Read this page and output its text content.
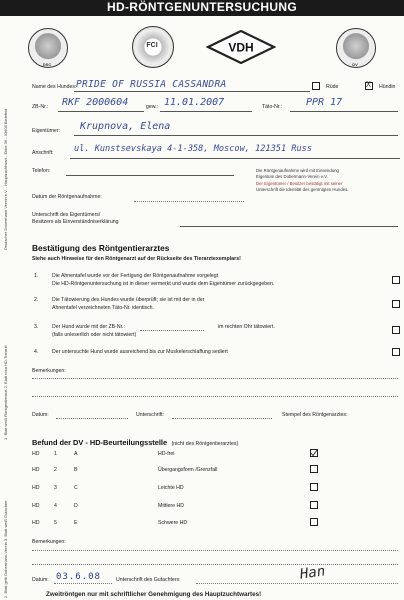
HD-RÖNTGENUNTERSUCHUNG
DSC
FCI	VDH
DV
Deutscher Dobermann Verein e.V. - Hauptzuchtwart - Ebke 36 - 33605 Bielefeld
1. Blatt weiß Röntgentierarzt 2. Blatt rosa HD-Tierarzt
2. Blatt gelb Dobermann-Verein 3. Blatt weiß Gutachter
Name des Hundes: PRIDE OF RUSSIA CASSANDRA	Rüde	X Hündin
ZB-Nr.: RKF 2000604	gew.: 11.01.2007	Täto-Nr.: PPR 17
Eigentümer: Krupnova, Elena
Anschrift: ul. Kunstsevskaya 4-1-358, Moscow, 121351 Russ
Telefon:	Die Röntgenaufnahme wird mit Einsendung
Eigentum des Dobermann-Verein e.V.
Der Eigentümer / Besitzer bestätigt mit seiner
Unterschrift die Identität des geröntgten Hundes.
Datum der Röntgenaufnahme:
Unterschrift des Eigentümers/
Besitzers als Einverständniserklärung
Bestätigung des Röntgentierarztes
Siehe auch Hinweise für den Röntgenarzt auf der Rückseite des Tierarztexemplars!
1.	Die Ahnentafel wurde vor der Fertigung der Röntgenaufnahme vorgelegt
Die HD-Röntgenuntersuchung ist in dieser vermerkt und wurde dem Eigentümer zurückgegeben.
2.	Die Tätowierung des Hundes wurde überprüft; sie ist mit der in der
Ahnentafel verzeichneten Täto-Nr. identisch.
3.	Der Hund wurde mit der ZB-Nr.:	im rechten Ohr tätowiert.
(falls unleserlich oder nicht tätowiert)
4.	Der untersuchte Hund wurde ausreichend bis zur Muskelerschlaffung sediert
Bemerkungen:
Datum:	Unterschrift:	Stempel des Röntgenarztes:
Befund der DV - HD-Beurteilungsstelle (nicht des Röntgentierarztes)
HD	1	A	HD-frei
HD	2	B	Übergangsform /Grenzfall
HD	3	C	Leichte HD
HD	4	D	Mittlere HD
HD	5	E	Schwere HD
Bemerkungen:
Datum: 03.6.08	Unterschrift des Gutachters:	Han
Zweitröntgen nur mit schriftlicher Genehmigung des Hauptzuchtwartes!
